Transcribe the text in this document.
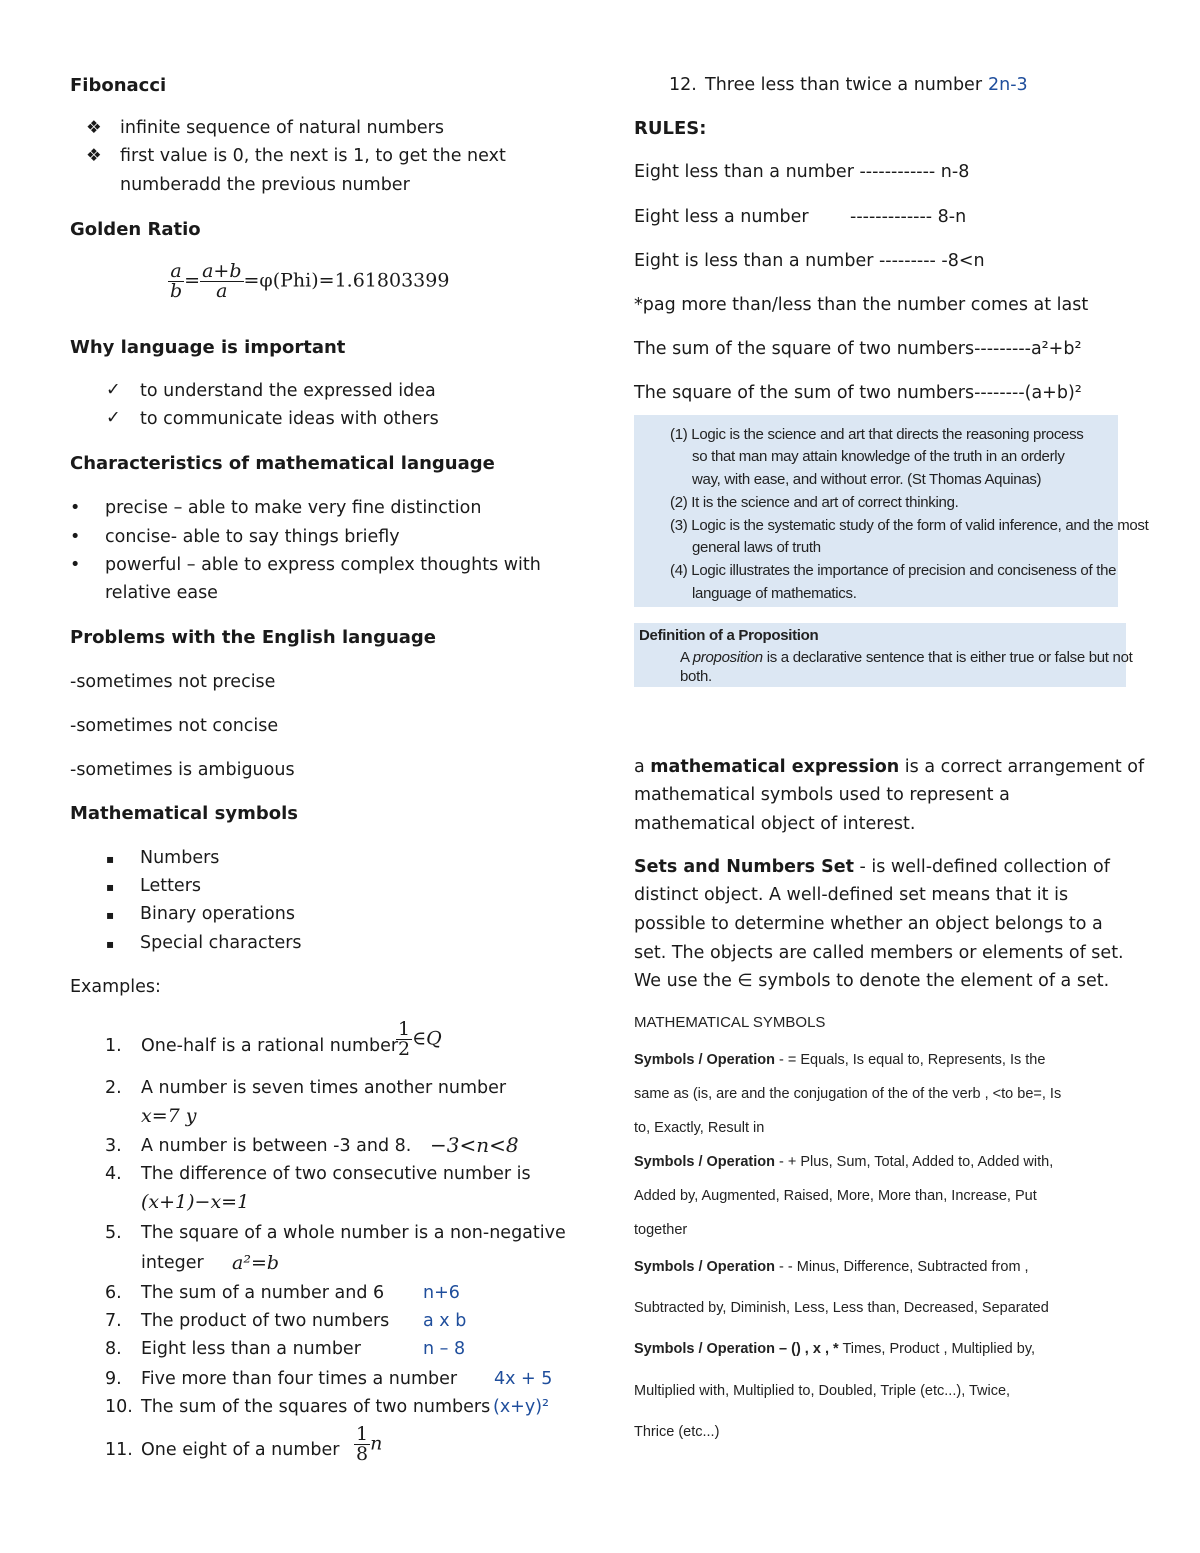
Fibonacci
❖ infinite sequence of natural numbers
❖ first value is 0, the next is 1, to get the next
numberadd the previous number
Golden Ratio
$\frac{a}{b} = \frac{a+b}{a} =\varphi(Phi)=1.61803399$
Why language is important
✓ to understand the expressed idea
✓ to communicate ideas with others
Characteristics of mathematical language
• precise – able to make very fine distinction
• concise- able to say things briefly
• powerful – able to express complex thoughts with
relative ease
Problems with the English language
-sometimes not precise
-sometimes not concise
-sometimes is ambiguous
Mathematical symbols
▪ Numbers
▪ Letters
▪ Binary operations
▪ Special characters
Examples:
1. One-half is a rational number
$\frac{1}{2}$ ∈Q
2. A number is seven times another number
x=7 y
3. A number is between -3 and 8. −3<n<8
4. The difference of two consecutive number is
(x+1)−x=1
5. The square of a whole number is a non-negative
integer a²=b
6. The sum of a number and 6 n+6
7. The product of two numbers a x b
8. Eight less than a number	n – 8
9. Five more than four times a number 4x + 5
10. The sum of the squares of two numbers (x+y)²
11. One eight of a number $\frac{1}{8}$ n
12. Three less than twice a number 2n-3
RULES:
Eight less than a number ------------ n-8
Eight less a number ------------- 8-n
Eight is less than a number --------- -8<n
*pag more than/less than the number comes at last
The sum of the square of two numbers---------a²+b²
The square of the sum of two numbers--------(a+b)²
(1) Logic is the science and art that directs the reasoning process
so that man may attain knowledge of the truth in an orderly
way, with ease, and without error. (St Thomas Aquinas)
(2) It is the science and art of correct thinking.
(3) Logic is the systematic study of the form of valid inference, and the most
general laws of truth
(4) Logic illustrates the importance of precision and conciseness of the
language of mathematics.
Definition of a Proposition
A proposition is a declarative sentence that is either true or false but not
both.
a mathematical expression is a correct arrangement of
mathematical symbols used to represent a
mathematical object of interest.
Sets and Numbers Set - is well-defined collection of
distinct object. A well-defined set means that it is
possible to determine whether an object belongs to a
set. The objects are called members or elements of set.
We use the ∈ symbols to denote the element of a set.
MATHEMATICAL SYMBOLS
Symbols / Operation - = Equals, Is equal to, Represents, Is the
same as (is, are and the conjugation of the of the verb , <to be=, Is
to, Exactly, Result in
Symbols / Operation - + Plus, Sum, Total, Added to, Added with,
Added by, Augmented, Raised, More, More than, Increase, Put
together
Symbols / Operation - - Minus, Difference, Subtracted from ,
Subtracted by, Diminish, Less, Less than, Decreased, Separated
Symbols / Operation – () , x , * Times, Product , Multiplied by,
Multiplied with, Multiplied to, Doubled, Triple (etc...), Twice,
Thrice (etc...)
